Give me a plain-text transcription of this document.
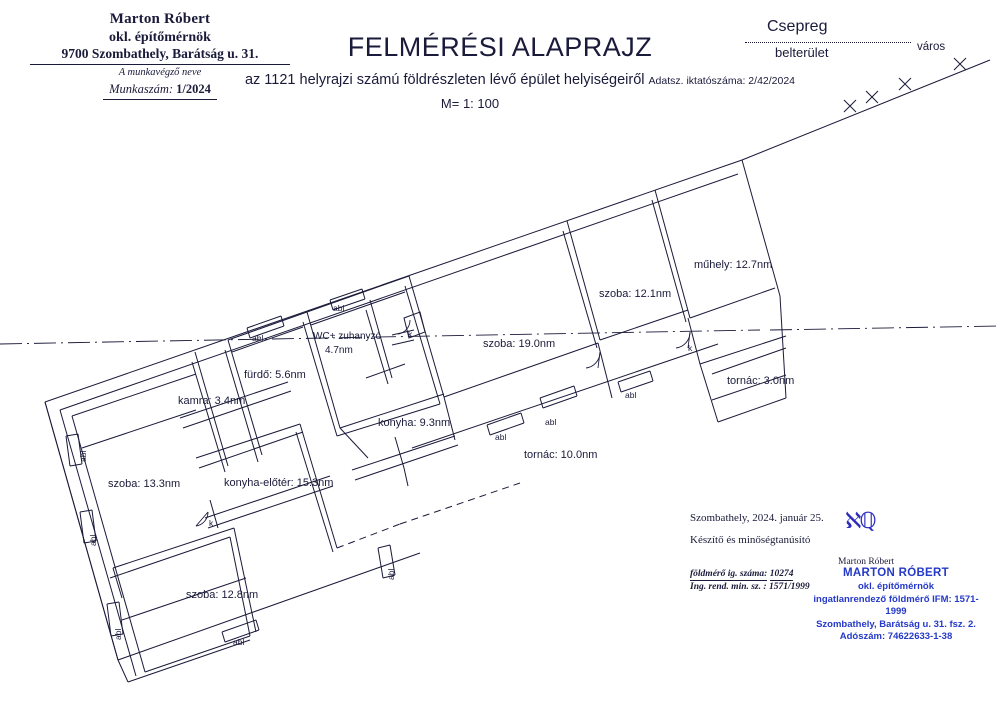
Marton Róbert
okl. építőmérnök
9700 Szombathely, Barátság u. 31.
A munkavégző neve
Munkaszám: 1/2024
FELMÉRÉSI ALAPRAJZ
az 1121 helyrajzi számú földrészleten lévő épület helyiségeiről Adatsz. iktatószáma: 2/42/2024
M= 1: 100
Csepreg
város
belterület
műhely: 12.7nm
szoba: 12.1nm
szoba: 19.0nm
WC+ zuhanyzó
4.7nm
fürdő: 5.6nm
kamra: 3.4nm
konyha: 9.3nm
konyha-előtér: 15.3nm
szoba: 13.3nm
szoba: 12.8nm
tornác: 10.0nm
tornác: 3.0nm
abl
abl.
abl
abl
abl
abl
abl
abl
abl
abl
k
k
k	Szombathely, 2024. január 25.
Készítő és minőségtanúsító
Marton Róbert
földmérő ig. száma: 10274
Ing. rend. min. sz. : 1571/1999
ℵℚ
MARTON RÓBERT
okl. építőmérnök
ingatlanrendező földmérő IFM: 1571-1999
Szombathely, Barátság u. 31. fsz. 2.
Adószám: 74622633-1-38
